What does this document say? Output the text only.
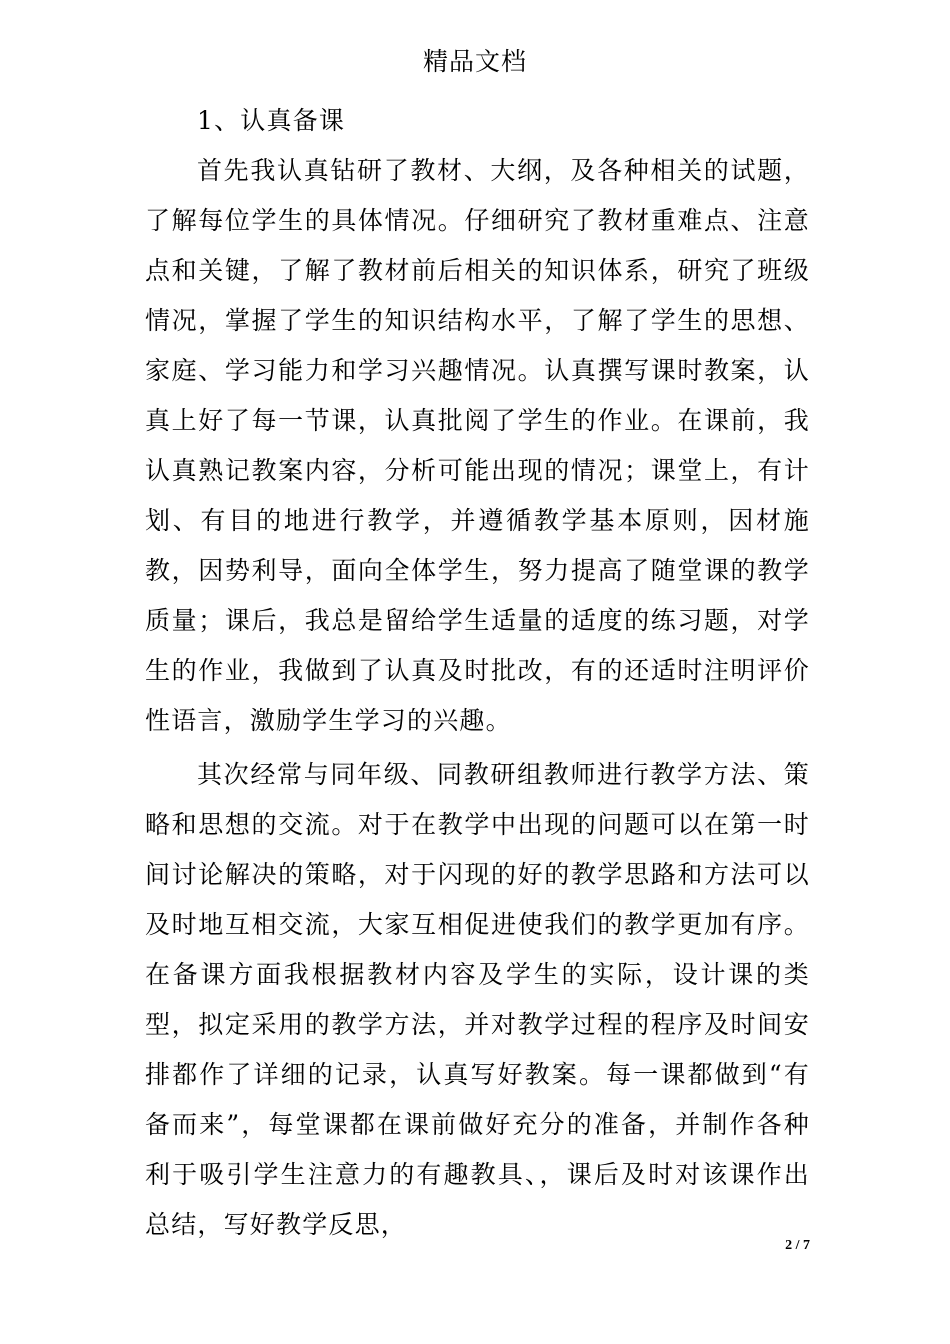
精品文档

1、认真备课

首先我认真钻研了教材、大纲，及各种相关的试题，了解每位学生的具体情况。仔细研究了教材重难点、注意点和关键，了解了教材前后相关的知识体系，研究了班级情况，掌握了学生的知识结构水平，了解了学生的思想、家庭、学习能力和学习兴趣情况。认真撰写课时教案，认真上好了每一节课，认真批阅了学生的作业。在课前，我认真熟记教案内容，分析可能出现的情况；课堂上，有计划、有目的地进行教学，并遵循教学基本原则，因材施教，因势利导，面向全体学生，努力提高了随堂课的教学质量；课后，我总是留给学生适量的适度的练习题，对学生的作业，我做到了认真及时批改，有的还适时注明评价性语言，激励学生学习的兴趣。

其次经常与同年级、同教研组教师进行教学方法、策略和思想的交流。对于在教学中出现的问题可以在第一时间讨论解决的策略，对于闪现的好的教学思路和方法可以及时地互相交流，大家互相促进使我们的教学更加有序。在备课方面我根据教材内容及学生的实际，设计课的类型，拟定采用的教学方法，并对教学过程的程序及时间安排都作了详细的记录，认真写好教案。每一课都做到“有备而来”，每堂课都在课前做好充分的准备，并制作各种利于吸引学生注意力的有趣教具、，课后及时对该课作出总结，写好教学反思，

2 / 7
